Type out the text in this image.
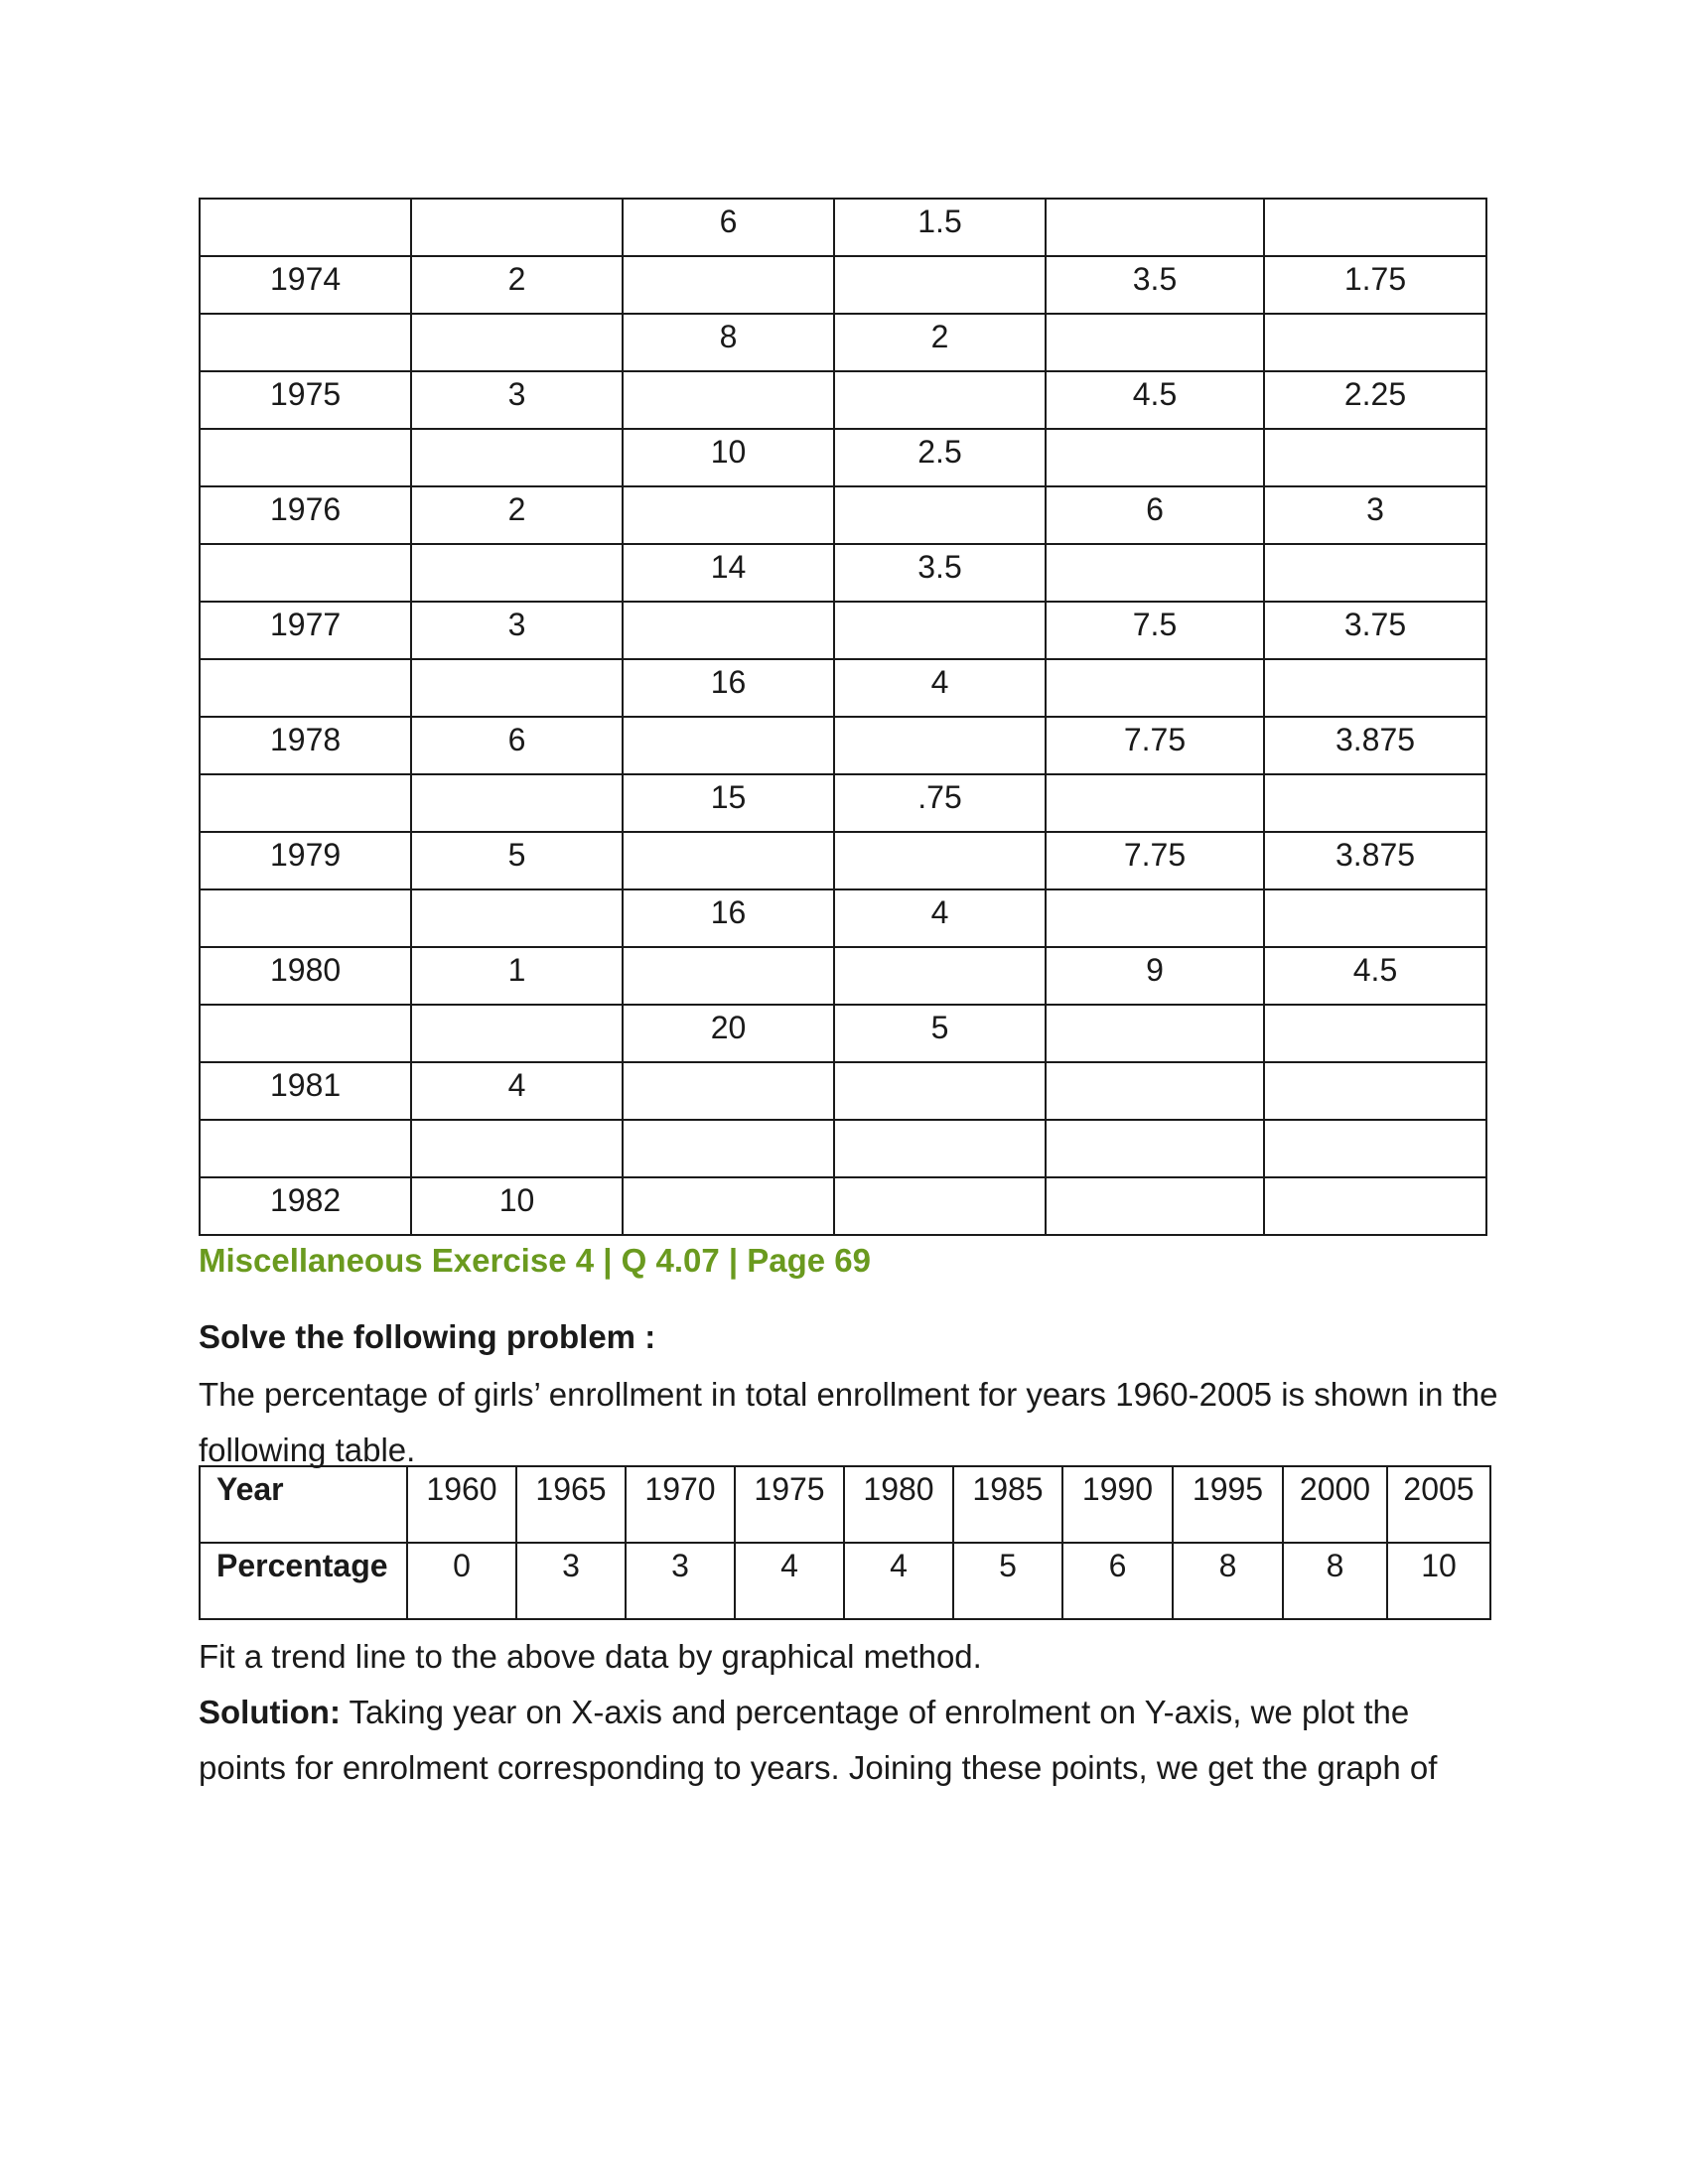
		6	1.5		
1974	2			3.5	1.75
		8	2		
1975	3			4.5	2.25
		10	2.5		
1976	2			6	3
		14	3.5		
1977	3			7.5	3.75
		16	4		
1978	6			7.75	3.875
		15	.75		
1979	5			7.75	3.875
		16	4		
1980	1			9	4.5
		20	5		
1981	4				

1982	10				
Miscellaneous Exercise 4 | Q 4.07 | Page 69
Solve the following problem :
The percentage of girls’ enrollment in total enrollment for years 1960-2005 is shown in the following table.
Year	1960	1965	1970	1975	1980	1985	1990	1995	2000	2005
Percentage	0	3	3	4	4	5	6	8	8	10
Fit a trend line to the above data by graphical method.
Solution: Taking year on X-axis and percentage of enrolment on Y-axis, we plot the points for enrolment corresponding to years. Joining these points, we get the graph of
